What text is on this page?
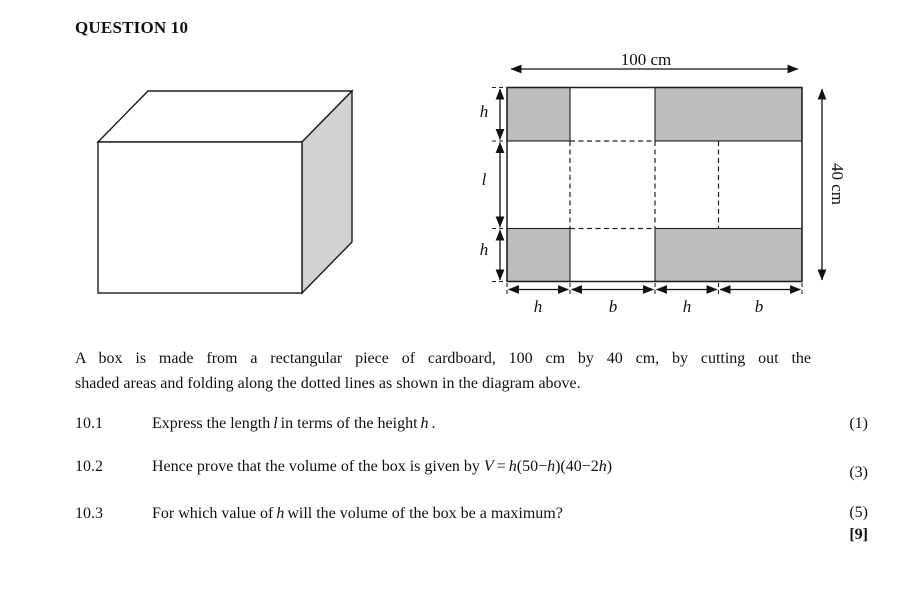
QUESTION 10
100 cm
40 cm
h
l
h
h	b	h	b
A box is made from a rectangular piece of cardboard, 100 cm by 40 cm, by cutting out the
shaded areas and folding along the dotted lines as shown in the diagram above.
10.1	Express the length l in terms of the height h .	(1)
10.2	Hence prove that the volume of the box is given by V = h(50−h)(40−2h)	(3)
10.3	For which value of h will the volume of the box be a maximum?	(5)
[9]
